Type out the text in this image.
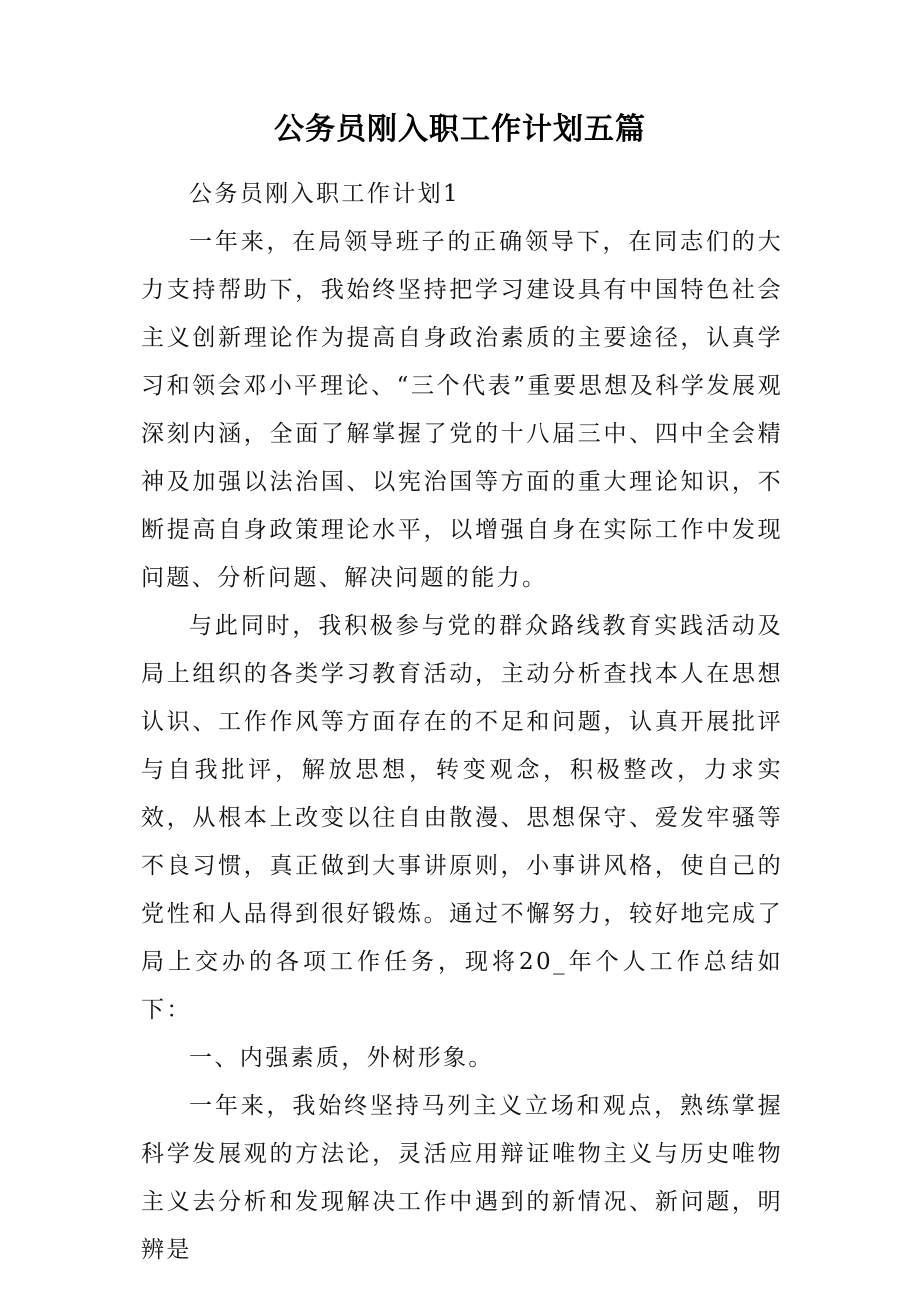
公务员刚入职工作计划五篇

公务员刚入职工作计划1

一年来，在局领导班子的正确领导下，在同志们的大力支持帮助下，我始终坚持把学习建设具有中国特色社会主义创新理论作为提高自身政治素质的主要途径，认真学习和领会邓小平理论、“三个代表”重要思想及科学发展观深刻内涵，全面了解掌握了党的十八届三中、四中全会精神及加强以法治国、以宪治国等方面的重大理论知识，不断提高自身政策理论水平，以增强自身在实际工作中发现问题、分析问题、解决问题的能力。

与此同时，我积极参与党的群众路线教育实践活动及局上组织的各类学习教育活动，主动分析查找本人在思想认识、工作作风等方面存在的不足和问题，认真开展批评与自我批评，解放思想，转变观念，积极整改，力求实效，从根本上改变以往自由散漫、思想保守、爱发牢骚等不良习惯，真正做到大事讲原则，小事讲风格，使自己的党性和人品得到很好锻炼。通过不懈努力，较好地完成了局上交办的各项工作任务，现将20_年个人工作总结如下：

一、内强素质，外树形象。

一年来，我始终坚持马列主义立场和观点，熟练掌握科学发展观的方法论，灵活应用辩证唯物主义与历史唯物主义去分析和发现解决工作中遇到的新情况、新问题，明辨是
